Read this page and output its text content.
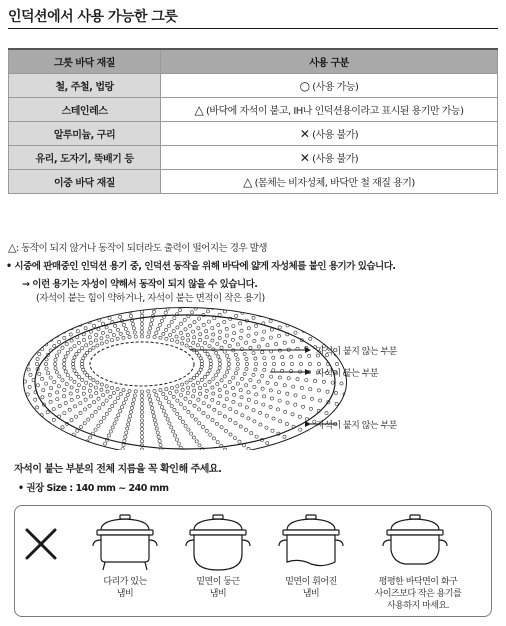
인덕션에서 사용 가능한 그릇
그릇 바닥 재질	사용 구분
철, 주철, 법랑	○ (사용 가능)
스테인레스	△ (바닥에 자석이 붙고, IH나 인덕션용이라고 표시된 용기만 가능)
알루미늄, 구리	✕ (사용 불가)
유리, 도자기, 뚝배기 등	✕ (사용 불가)
이중 바닥 재질	△ (몸체는 비자성체, 바닥만 철 재질 용기)
△: 동작이 되지 않거나 동작이 되더라도 출력이 떨어지는 경우 발생
• 시중에 판매중인 인덕션 용기 중, 인덕션 동작을 위해 바닥에 얇게 자성체를 붙인 용기가 있습니다.
→ 이런 용기는 자성이 약해서 동작이 되지 않을 수 있습니다.
(자석이 붙는 힘이 약하거나, 자석이 붙는 면적이 작은 용기)
자석이 붙지 않는 부분
자석이 붙는 부분
자석이 붙지 않는 부분
자석이 붙는 부분의 전체 지름을 꼭 확인해 주세요.
• 권장 Size : 140 mm ~ 240 mm
다리가 있는
냄비
밑면이 둥근
냄비
밑면이 휘어진
냄비
평평한 바닥면이 화구
사이즈보다 작은 용기를
사용하지 마세요.
